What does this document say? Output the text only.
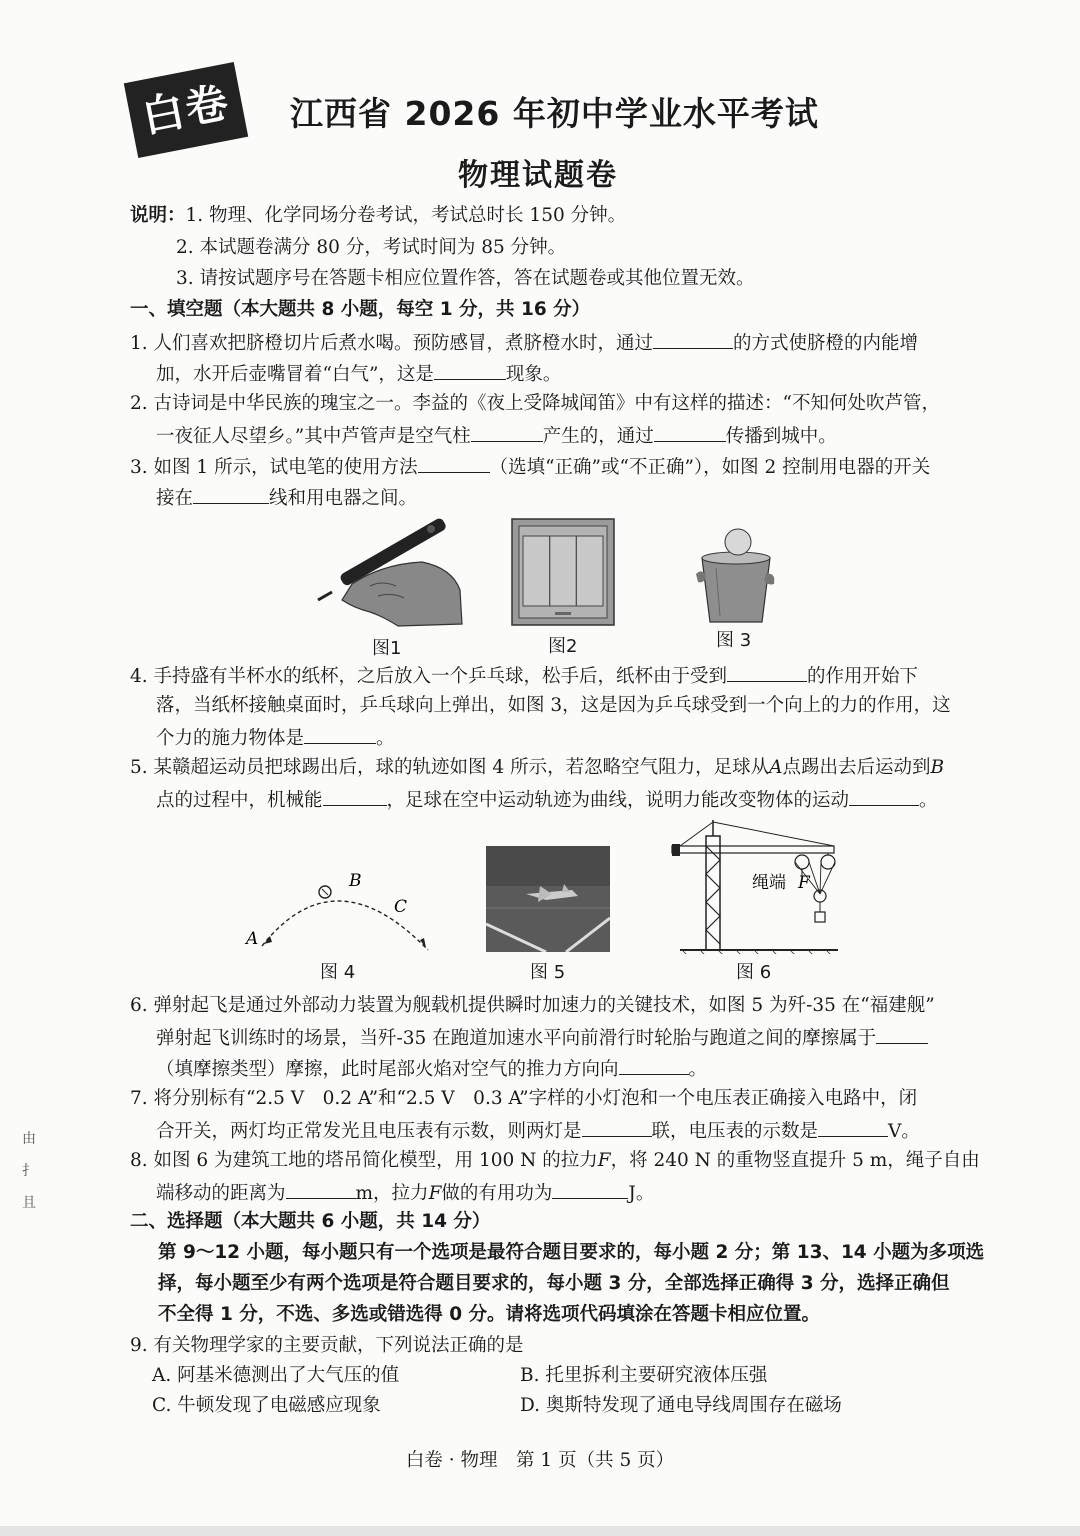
白卷	江西省 2026 年初中学业水平考试
物理试题卷
说明：1. 物理、化学同场分卷考试，考试总时长 150 分钟。
2. 本试题卷满分 80 分，考试时间为 85 分钟。
3. 请按试题序号在答题卡相应位置作答，答在试题卷或其他位置无效。
一、填空题（本大题共 8 小题，每空 1 分，共 16 分）
1. 人们喜欢把脐橙切片后煮水喝。预防感冒，煮脐橙水时，通过	的方式使脐橙的内能增
加，水开后壶嘴冒着“白气”，这是	现象。
2. 古诗词是中华民族的瑰宝之一。李益的《夜上受降城闻笛》中有这样的描述：“不知何处吹芦管，
一夜征人尽望乡。”其中芦管声是空气柱	产生的，通过	传播到城中。
3. 如图 1 所示，试电笔的使用方法	（选填“正确”或“不正确”），如图 2 控制用电器的开关
接在	线和用电器之间。
图1	图2	图 3
4. 手持盛有半杯水的纸杯，之后放入一个乒乓球，松手后，纸杯由于受到	的作用开始下
落，当纸杯接触桌面时，乒乓球向上弹出，如图 3，这是因为乒乓球受到一个向上的力的作用，这
个力的施力物体是	。
5. 某赣超运动员把球踢出后，球的轨迹如图 4 所示，若忽略空气阻力，足球从A点踢出去后运动到B
点的过程中，机械能	，足球在空中运动轨迹为曲线，说明力能改变物体的运动	。
A
B
C
绳端 F
图 4	图 5	图 6
6. 弹射起飞是通过外部动力装置为舰载机提供瞬时加速力的关键技术，如图 5 为歼-35 在“福建舰”
弹射起飞训练时的场景，当歼-35 在跑道加速水平向前滑行时轮胎与跑道之间的摩擦属于
（填摩擦类型）摩擦，此时尾部火焰对空气的推力方向向	。
7. 将分别标有“2.5 V　0.2 A”和“2.5 V　0.3 A”字样的小灯泡和一个电压表正确接入电路中，闭
合开关，两灯均正常发光且电压表有示数，则两灯是	联，电压表的示数是	V。
8. 如图 6 为建筑工地的塔吊简化模型，用 100 N 的拉力F，将 240 N 的重物竖直提升 5 m，绳子自由
端移动的距离为	m，拉力F做的有用功为	J。
二、选择题（本大题共 6 小题，共 14 分）
第 9～12 小题，每小题只有一个选项是最符合题目要求的，每小题 2 分；第 13、14 小题为多项选
择，每小题至少有两个选项是符合题目要求的，每小题 3 分，全部选择正确得 3 分，选择正确但
不全得 1 分，不选、多选或错选得 0 分。请将选项代码填涂在答题卡相应位置。
9. 有关物理学家的主要贡献，下列说法正确的是
A. 阿基米德测出了大气压的值	B. 托里拆利主要研究液体压强
C. 牛顿发现了电磁感应现象	D. 奥斯特发现了通电导线周围存在磁场
由
扌
且
白卷 · 物理　第 1 页（共 5 页）
